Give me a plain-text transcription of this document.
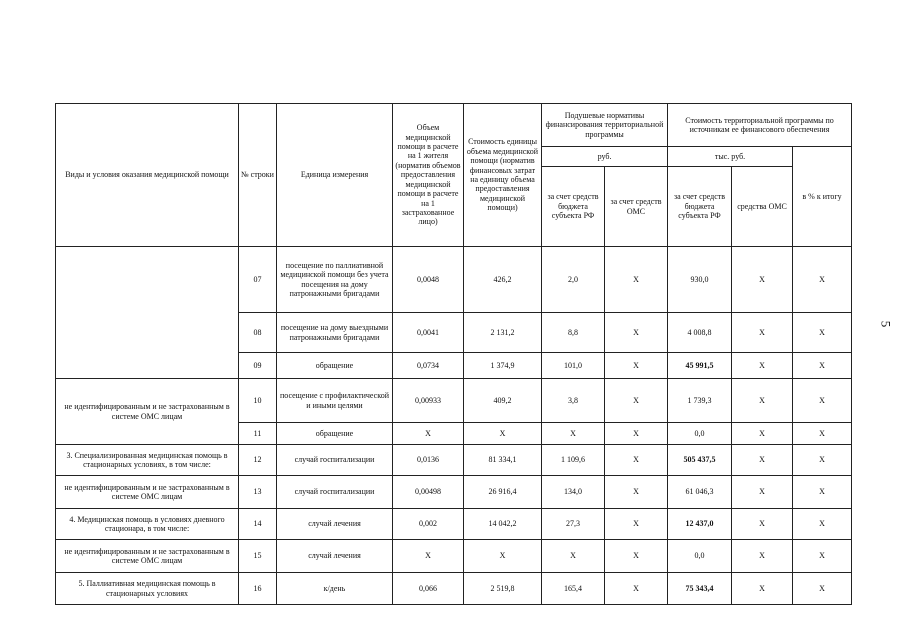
Виды и условия оказания медицинской помощи	№ строки	Единица измерения	Объем медицинской помощи в расчете на 1 жителя (норматив объемов предоставления медицинской помощи в расчете на 1 застрахованное лицо)	Стоимость единицы объема медицинской помощи (норматив финансовых затрат на единицу объема предоставления медицинской помощи)	Подушевые нормативы финансирования территориальной программы		Стоимость территориальной программы по источникам ее финансового обеспечения		
					руб.		тыс. руб.		в % к итогу
					за счет средств бюджета субъекта РФ	за счет средств ОМС	за счет средств бюджета субъекта РФ	средства ОМС	
	07	посещение по паллиативной медицинской помощи без учета посещения на дому патронажными бригадами	0,0048	426,2	2,0	Х	930,0	Х	Х
	08	посещение на дому выездными патронажными бригадами	0,0041	2 131,2	8,8	Х	4 008,8	Х	Х
	09	обращение	0,0734	1 374,9	101,0	Х	45 991,5	Х	Х
не идентифицированным и не застрахованным в системе ОМС лицам	10	посещение с профилактической и иными целями	0,00933	409,2	3,8	Х	1 739,3	Х	Х
	11	обращение	Х	Х	Х	Х	0,0	Х	Х
3. Специализированная медицинская помощь в стационарных условиях, в том числе:	12	случай госпитализации	0,0136	81 334,1	1 109,6	Х	505 437,5	Х	Х
не идентифицированным и не застрахованным в системе ОМС лицам	13	случай госпитализации	0,00498	26 916,4	134,0	Х	61 046,3	Х	Х
4. Медицинская помощь в условиях дневного стационара, в том числе:	14	случай лечения	0,002	14 042,2	27,3	Х	12 437,0	Х	Х
не идентифицированным и не застрахованным в системе ОМС лицам	15	случай лечения	Х	Х	Х	Х	0,0	Х	Х
5. Паллиативная медицинская помощь в стационарных условиях	16	к/день	0,066	2 519,8	165,4	Х	75 343,4	Х	Х
5
